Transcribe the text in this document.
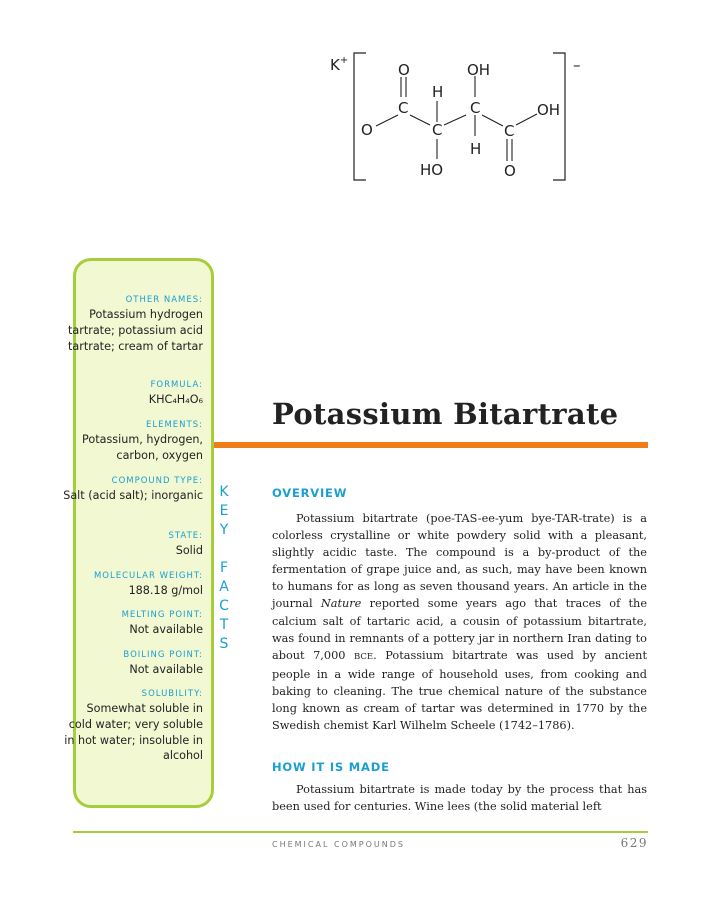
K+	–
O	OH
H
C	C	OH
O	C	C
H
HO	O
OTHER NAMES:
Potassium hydrogen tartrate; potassium acid tartrate; cream of tartar
FORMULA:
KHC₄H₄O₆
ELEMENTS:
Potassium, hydrogen, carbon, oxygen
COMPOUND TYPE:
Salt (acid salt); inorganic
STATE:
Solid
MOLECULAR WEIGHT:
188.18 g/mol
MELTING POINT:
Not available
BOILING POINT:
Not available
SOLUBILITY:
Somewhat soluble in cold water; very soluble in hot water; insoluble in alcohol
K
E
Y

F
A
C
T
S
Potassium Bitartrate
OVERVIEW

Potassium bitartrate (poe-TAS-ee-yum bye-TAR-trate) is a colorless crystalline or white powdery solid with a pleasant, slightly acidic taste. The compound is a by-product of the fermentation of grape juice and, as such, may have been known to humans for as long as seven thousand years. An article in the journal Nature reported some years ago that traces of the calcium salt of tartaric acid, a cousin of potassium bitartrate, was found in remnants of a pottery jar in northern Iran dating to about 7,000 BCE. Potassium bitartrate was used by ancient people in a wide range of household uses, from cooking and baking to cleaning. The true chemical nature of the substance long known as cream of tartar was determined in 1770 by the Swedish chemist Karl Wilhelm Scheele (1742–1786).

HOW IT IS MADE

Potassium bitartrate is made today by the process that has been used for centuries. Wine lees (the solid material left

CHEMICAL COMPOUNDS	629
